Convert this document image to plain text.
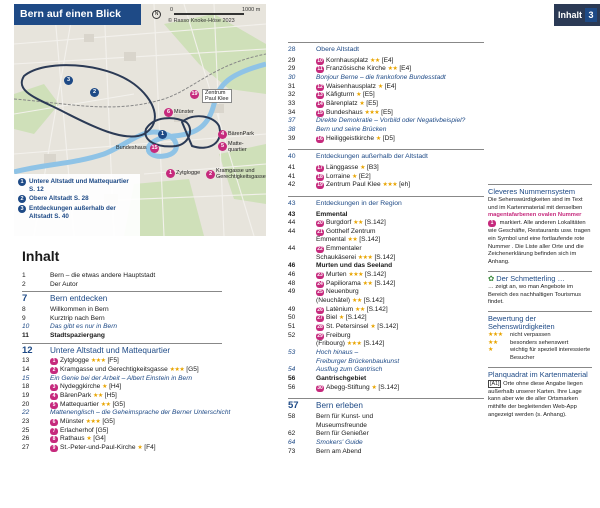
Bern auf einen Blick	N
0	1000 m
© Rasso Knoke-Höse 2023
3
2
1
19	Zentrum
Paul Klee
6 Münster
4 BärenPark
5 Matte-
quartier
15
Bundeshaus
1 Zytglogge	2 Kramgasse und
Gerechtigkeitsgasse
1 Untere Altstadt und Mattequartier S. 12
2 Obere Altstadt S. 28
3 Entdeckungen außerhalb der Altstadt S. 40
Inhalt 3
Inhalt
1	Bern – die etwas andere Hauptstadt
2	Der Autor
7	Bern entdecken
8	Willkommen in Bern
9	Kurztrip nach Bern
10	Das gibt es nur in Bern
11	Stadtspaziergang
12	Untere Altstadt und Mattequartier
13	1 Zytglogge ★★★ [F5]
14	2 Kramgasse und Gerechtigkeitsgasse ★★★ [G5]
15	Ein Genie bei der Arbeit – Albert Einstein in Bern
18	3 Nydeggkirche ★ [H4]
19	4 BärenPark ★★ [H5]
20	5 Mattequartier ★★ [G5]
22	Mattenenglisch – die Geheimsprache der Berner Unterschicht
23	6 Münster ★★★ [G5]
25	7 Erlacherhof [G5]
26	8 Rathaus ★ [G4]
27	9 St.-Peter-und-Paul-Kirche ★ [F4]
28	Obere Altstadt
29	10 Kornhausplatz ★★ [E4]
29	11 Französische Kirche ★★ [E4]
30	Bonjour Berne – die frankofone Bundesstadt
31	12 Waisenhausplatz ★ [E4]
32	13 Käfigturm ★ [E5]
33	14 Bärenplatz ★ [E5]
34	15 Bundeshaus ★★★ [E5]
37	Direkte Demokratie – Vorbild oder Negativbeispiel?
38	Bern und seine Brücken
39	16 Heiliggeistkirche ★ [D5]
40	Entdeckungen außerhalb der Altstadt
41	17 Länggasse ★ [B3]
41	18 Lorraine ★ [E2]
42	19 Zentrum Paul Klee ★★★ [eh]
43	Entdeckungen in der Region
43	Emmental
44	20 Burgdorf ★★ [S.142]
44	21 Gotthelf Zentrum
Emmental ★★ [S.142]
44	22 Emmentaler
Schaukäserei ★★★ [S.142]
46	Murten und das Seeland
46	23 Murten ★★★ [S.142]
48	24 Papiliorama ★★ [S.142]
49	25 Neuenburg
(Neuchâtel) ★★ [S.142]
49	26 Latènium ★★ [S.142]
50	27 Biel ★ [S.142]
51	28 St. Petersinsel ★ [S.142]
52	29 Freiburg
(Fribourg) ★★★ [S.142]
53	Hoch hinaus –
Freiburger Brückenbaukunst
54	Ausflug zum Gantrisch
56	Gantrischgebiet
56	30 Abegg-Stiftung ★ [S.142]
57	Bern erleben
58	Bern für Kunst- und
Museumsfreunde
62	Bern für Genießer
64	Smokers' Guide
73	Bern am Abend
Cleveres Nummernsystem
Die Sehenswürdigkeiten sind im Text und im Kartenmaterial mit denselben magentafarbenen ovalen Nummer 1 markiert. Alle anderen Lokalitäten wie Geschäfte, Restaurants usw. tragen ein Symbol und eine fortlaufende rote Nummer . Die Liste aller Orte und die Zeichenerklärung befinden sich im Anhang.
✿ Der Schmetterling …
… zeigt an, wo man Angebote im Bereich des nachhaltigen Tourismus findet.
Bewertung der Sehenswürdigkeiten
★★★	nicht verpassen
★★	besonders sehenswert
★	wichtig für speziell interessierte Besucher
Planquadrat im Kartenmaterial
[A1] Orte ohne diese Angabe liegen außerhalb unserer Karten. Ihre Lage kann aber wie die aller Ortsmarken mithilfe der begleitenden Web-App angezeigt werden (s. Anhang).
